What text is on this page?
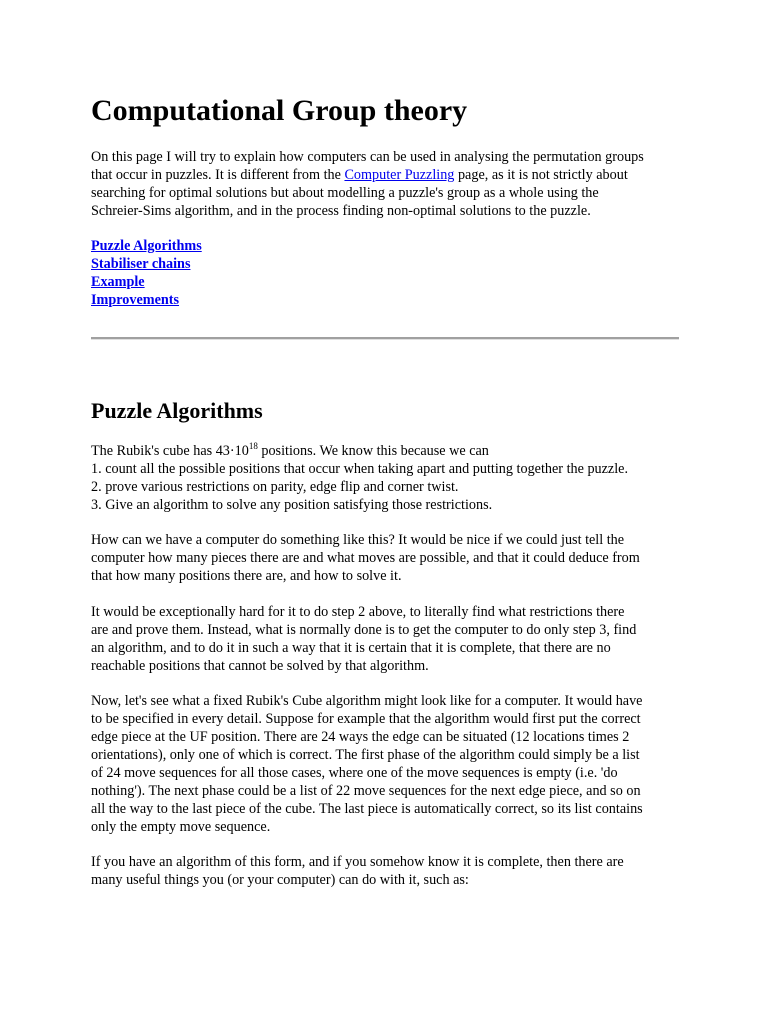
Computational Group theory
On this page I will try to explain how computers can be used in analysing the permutation groups
that occur in puzzles. It is different from the Computer Puzzling page, as it is not strictly about
searching for optimal solutions but about modelling a puzzle's group as a whole using the
Schreier-Sims algorithm, and in the process finding non-optimal solutions to the puzzle.
Puzzle Algorithms
Stabiliser chains
Example
Improvements
Puzzle Algorithms
The Rubik's cube has $43\cdot 10^{18}$ positions. We know this because we can
1. count all the possible positions that occur when taking apart and putting together the puzzle.
2. prove various restrictions on parity, edge flip and corner twist.
3. Give an algorithm to solve any position satisfying those restrictions.
How can we have a computer do something like this? It would be nice if we could just tell the
computer how many pieces there are and what moves are possible, and that it could deduce from
that how many positions there are, and how to solve it.
It would be exceptionally hard for it to do step 2 above, to literally find what restrictions there
are and prove them. Instead, what is normally done is to get the computer to do only step 3, find
an algorithm, and to do it in such a way that it is certain that it is complete, that there are no
reachable positions that cannot be solved by that algorithm.
Now, let's see what a fixed Rubik's Cube algorithm might look like for a computer. It would have
to be specified in every detail. Suppose for example that the algorithm would first put the correct
edge piece at the UF position. There are 24 ways the edge can be situated (12 locations times 2
orientations), only one of which is correct. The first phase of the algorithm could simply be a list
of 24 move sequences for all those cases, where one of the move sequences is empty (i.e. 'do
nothing'). The next phase could be a list of 22 move sequences for the next edge piece, and so on
all the way to the last piece of the cube. The last piece is automatically correct, so its list contains
only the empty move sequence.
If you have an algorithm of this form, and if you somehow know it is complete, then there are
many useful things you (or your computer) can do with it, such as:
